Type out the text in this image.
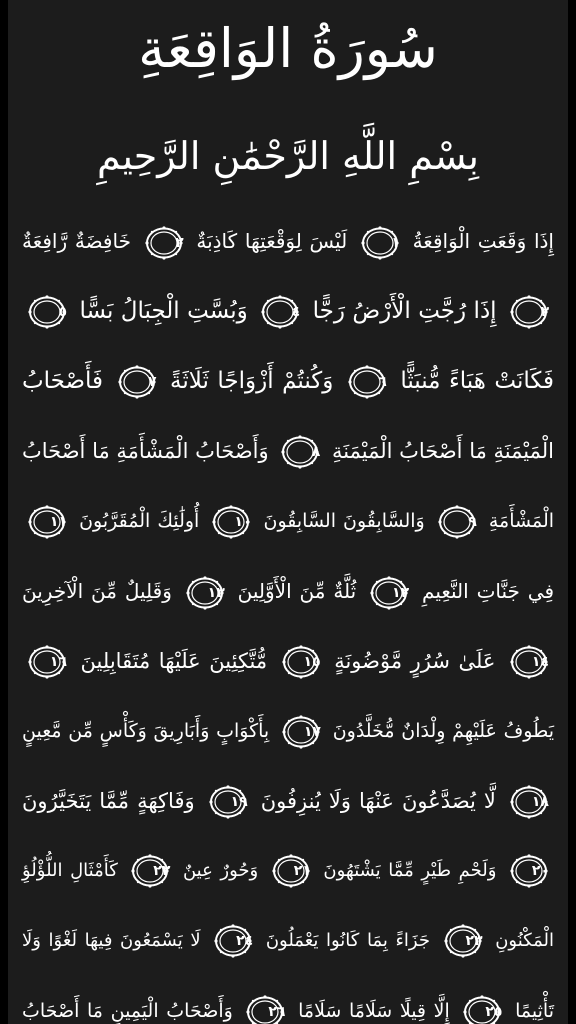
سُورَةُ الوَاقِعَةِ
بِسْمِ اللَّهِ الرَّحْمَٰنِ الرَّحِيمِ
إِذَا وَقَعَتِ الْوَاقِعَةُ
١
لَيْسَ لِوَقْعَتِهَا كَاذِبَةٌ
٢
خَافِضَةٌ رَّافِعَةٌ
٣
إِذَا رُجَّتِ الْأَرْضُ رَجًّا
٤
وَبُسَّتِ الْجِبَالُ بَسًّا
٥
فَكَانَتْ هَبَاءً مُّنبَثًّا
٦
وَكُنتُمْ أَزْوَاجًا ثَلَاثَةً
٧
فَأَصْحَابُ
الْمَيْمَنَةِ مَا أَصْحَابُ الْمَيْمَنَةِ
٨
وَأَصْحَابُ الْمَشْأَمَةِ مَا أَصْحَابُ
الْمَشْأَمَةِ
٩
وَالسَّابِقُونَ السَّابِقُونَ
١٠
أُولَٰئِكَ الْمُقَرَّبُونَ
١١
فِي جَنَّاتِ النَّعِيمِ
١٢
ثُلَّةٌ مِّنَ الْأَوَّلِينَ
١٣
وَقَلِيلٌ مِّنَ الْآخِرِينَ
١٤
عَلَىٰ سُرُرٍ مَّوْضُونَةٍ
١٥
مُّتَّكِئِينَ عَلَيْهَا مُتَقَابِلِينَ
١٦
يَطُوفُ عَلَيْهِمْ وِلْدَانٌ مُّخَلَّدُونَ
١٧
بِأَكْوَابٍ وَأَبَارِيقَ وَكَأْسٍ مِّن مَّعِينٍ
١٨
لَّا يُصَدَّعُونَ عَنْهَا وَلَا يُنزِفُونَ
١٩
وَفَاكِهَةٍ مِّمَّا يَتَخَيَّرُونَ
٢٠
وَلَحْمِ طَيْرٍ مِّمَّا يَشْتَهُونَ
٢١
وَحُورٌ عِينٌ
٢٢
كَأَمْثَالِ اللُّؤْلُؤِ
الْمَكْنُونِ
٢٣
جَزَاءً بِمَا كَانُوا يَعْمَلُونَ
٢٤
لَا يَسْمَعُونَ فِيهَا لَغْوًا وَلَا
تَأْثِيمًا
٢٥
إِلَّا قِيلًا سَلَامًا سَلَامًا
٢٦
وَأَصْحَابُ الْيَمِينِ مَا أَصْحَابُ
